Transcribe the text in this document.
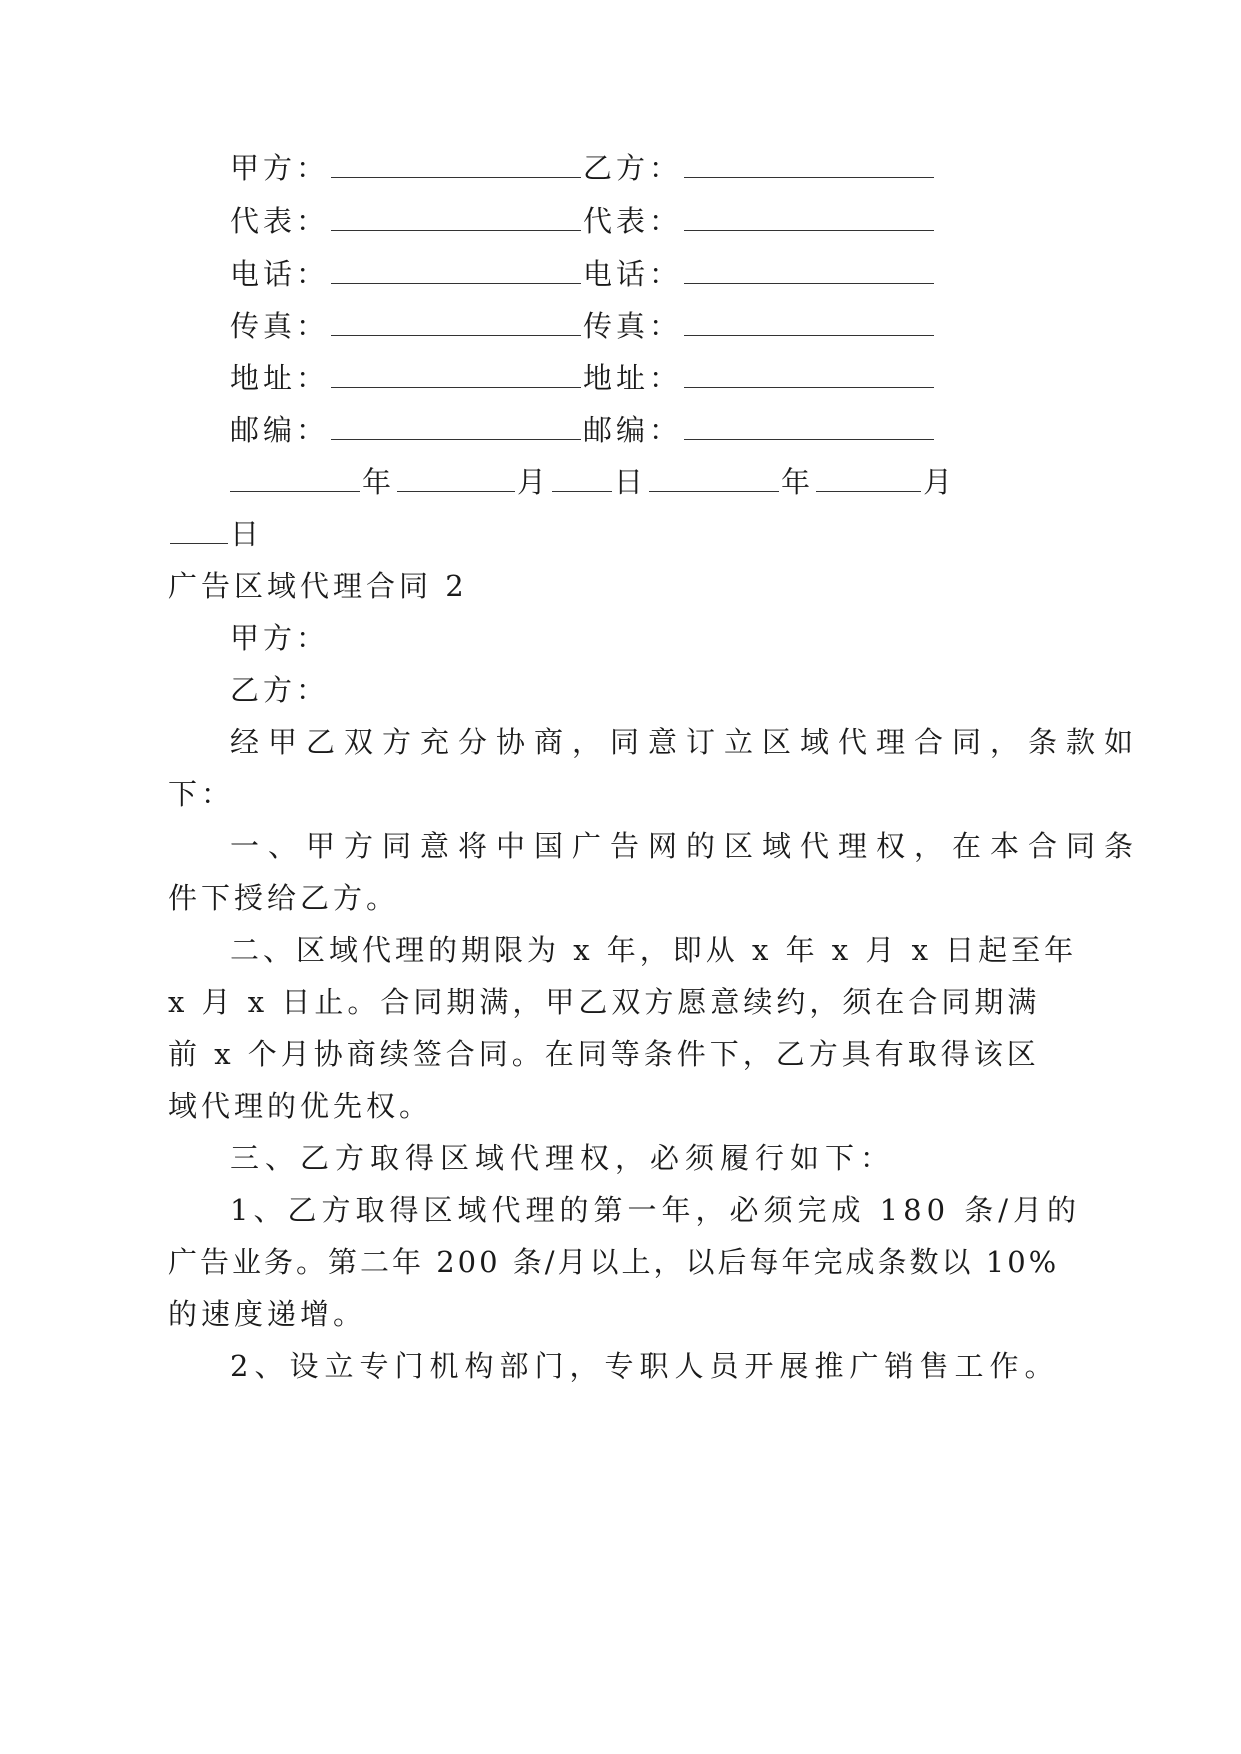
甲方：	乙方：
代表：	代表：
电话：	电话：
传真：	传真：
地址：	地址：
邮编：	邮编：
年	月 日	年	月
日
广告区域代理合同 2
甲方：
乙方：
经甲乙双方充分协商，同意订立区域代理合同，条款如
下：
一、甲方同意将中国广告网的区域代理权，在本合同条
件下授给乙方。
二、区域代理的期限为 x 年，即从 x 年 x 月 x 日起至年
x 月 x 日止。合同期满，甲乙双方愿意续约，须在合同期满
前 x 个月协商续签合同。在同等条件下，乙方具有取得该区
域代理的优先权。
三、乙方取得区域代理权，必须履行如下：
1、乙方取得区域代理的第一年，必须完成 180 条/月的
广告业务。第二年 200 条/月以上，以后每年完成条数以 10%
的速度递增。
2、设立专门机构部门，专职人员开展推广销售工作。
